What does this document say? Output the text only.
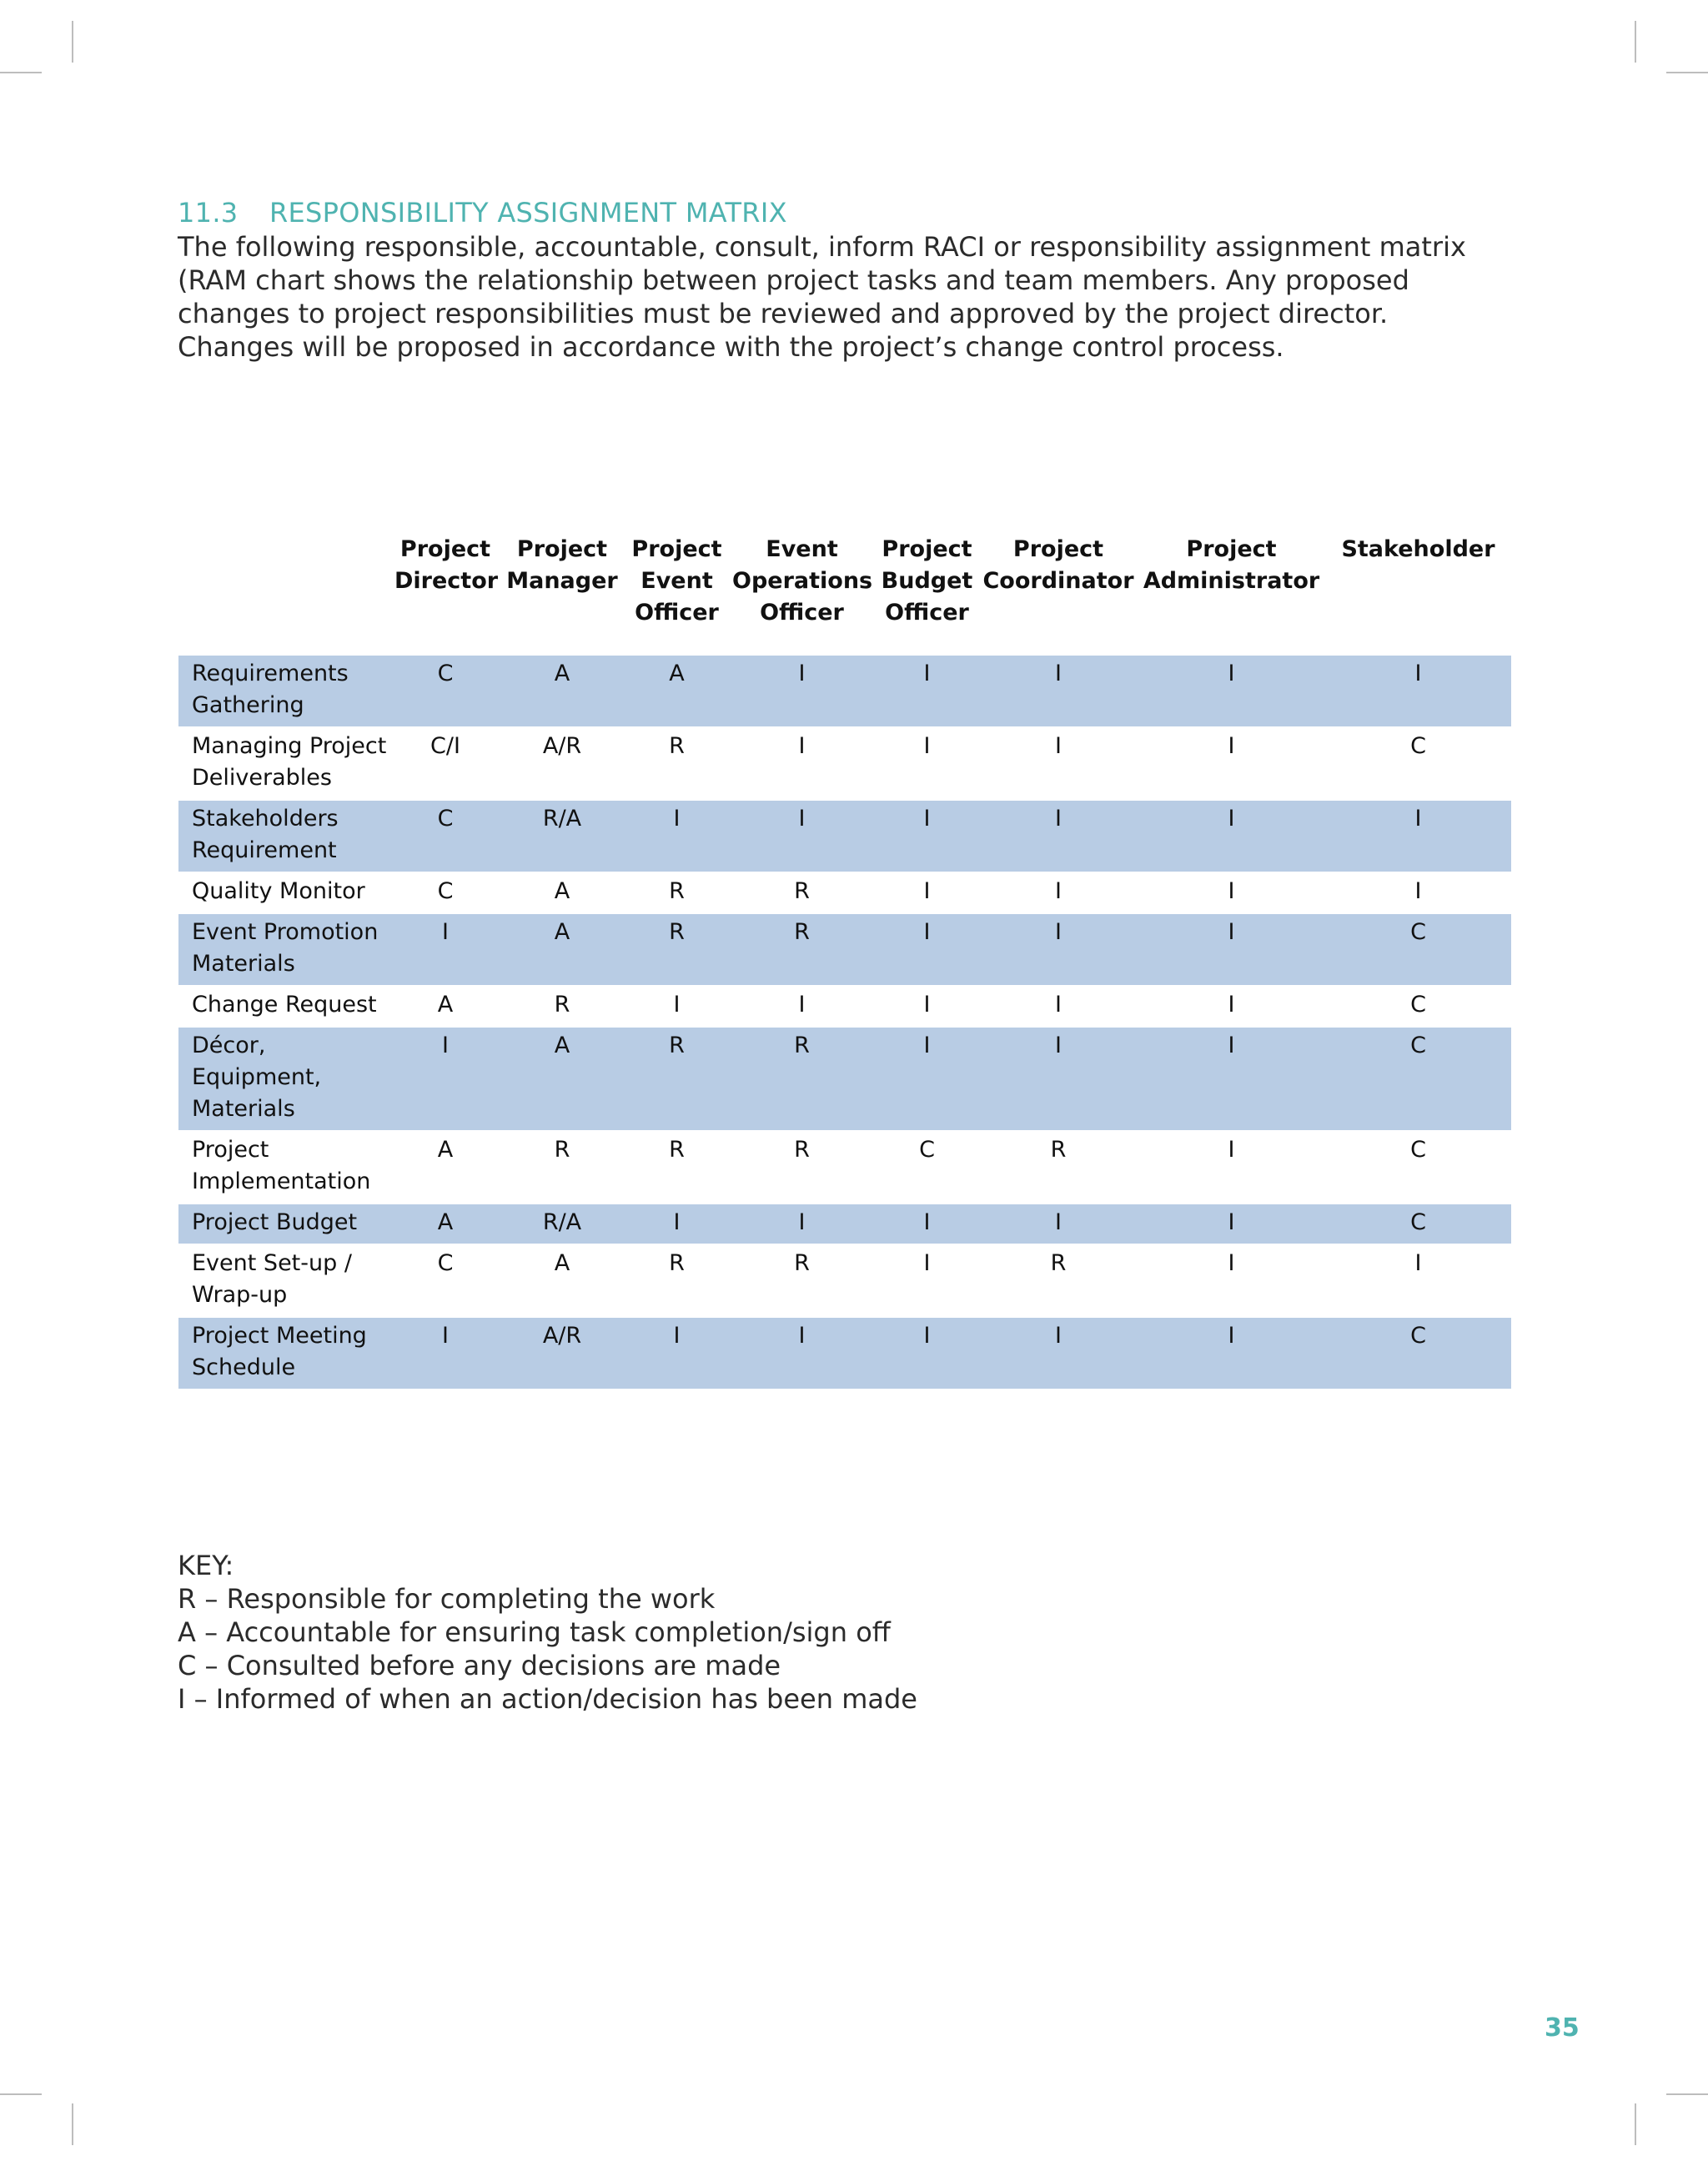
11.3 RESPONSIBILITY ASSIGNMENT MATRIX
The following responsible, accountable, consult, inform RACI or responsibility assignment matrix (RAM chart shows the relationship between project tasks and team members. Any proposed changes to project responsibilities must be reviewed and approved by the project director. Changes will be proposed in accordance with the project’s change control process.
	Project Director	Project Manager	Project Event Officer	Event Operations Officer	Project Budget Officer	Project Coordinator	Project Administrator	Stakeholder
Requirements Gathering	C	A	A	I	I	I	I	I
Managing Project Deliverables	C/I	A/R	R	I	I	I	I	C
Stakeholders Requirement	C	R/A	I	I	I	I	I	I
Quality Monitor	C	A	R	R	I	I	I	I
Event Promotion Materials	I	A	R	R	I	I	I	C
Change Request	A	R	I	I	I	I	I	C
Décor, Equipment, Materials	I	A	R	R	I	I	I	C
Project Implementation	A	R	R	R	C	R	I	C
Project Budget	A	R/A	I	I	I	I	I	C
Event Set-up / Wrap-up	C	A	R	R	I	R	I	I
Project Meeting Schedule	I	A/R	I	I	I	I	I	C
KEY:
R – Responsible for completing the work
A – Accountable for ensuring task completion/sign off
C – Consulted before any decisions are made
I – Informed of when an action/decision has been made
35
